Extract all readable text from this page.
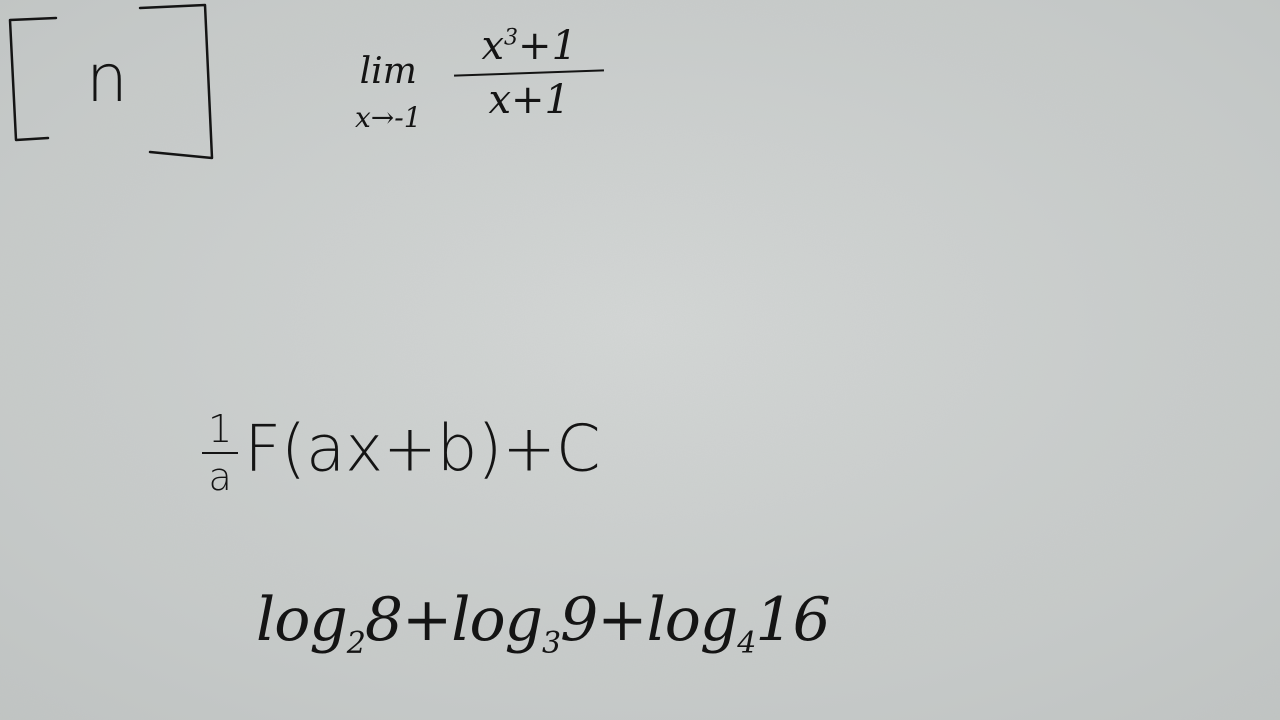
lim
x→-1

$x^3+1$
x+1
n
$\frac{1}{a} F(ax+b)+C$
$\log_28+\log_39+\log_416$
